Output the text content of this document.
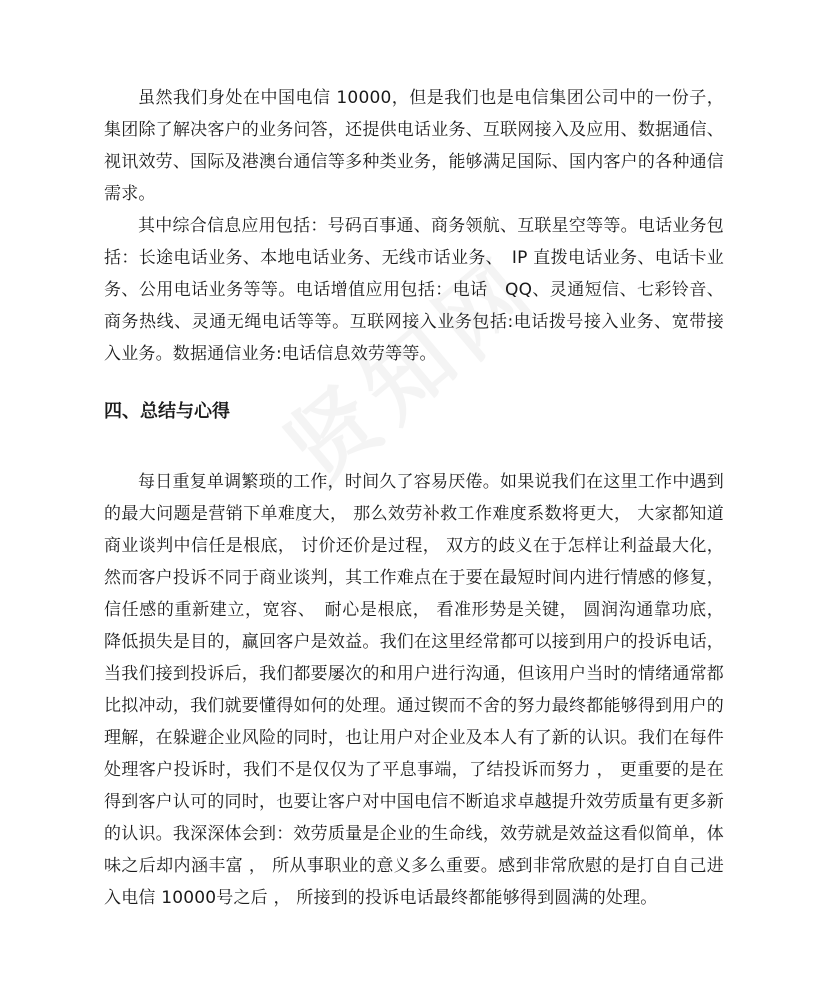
虽然我们身处在中国电信 10000，但是我们也是电信集团公司中的一份子，集团除了解决客户的业务问答，还提供电话业务、互联网接入及应用、数据通信、视讯效劳、国际及港澳台通信等多种类业务，能够满足国际、国内客户的各种通信需求。

其中综合信息应用包括：号码百事通、商务领航、互联星空等等。电话业务包括：长途电话业务、本地电话业务、无线市话业务、　IP 直拨电话业务、电话卡业务、公用电话业务等等。电话增值应用包括：电话　QQ、灵通短信、七彩铃音、商务热线、灵通无绳电话等等。互联网接入业务包括:电话拨号接入业务、宽带接入业务。数据通信业务:电话信息效劳等等。

四、总结与心得

每日重复单调繁琐的工作，时间久了容易厌倦。如果说我们在这里工作中遇到的最大问题是营销下单难度大， 那么效劳补救工作难度系数将更大， 大家都知道商业谈判中信任是根底， 讨价还价是过程， 双方的歧义在于怎样让利益最大化，然而客户投诉不同于商业谈判，其工作难点在于要在最短时间内进行情感的修复，信任感的重新建立，宽容、　耐心是根底， 看准形势是关键， 圆润沟通靠功底， 降低损失是目的，赢回客户是效益。我们在这里经常都可以接到用户的投诉电话，当我们接到投诉后，我们都要屡次的和用户进行沟通，但该用户当时的情绪通常都比拟冲动，我们就要懂得如何的处理。通过锲而不舍的努力最终都能够得到用户的理解，在躲避企业风险的同时，也让用户对企业及本人有了新的认识。我们在每件处理客户投诉时，我们不是仅仅为了平息事端，了结投诉而努力 ， 更重要的是在得到客户认可的同时，也要让客户对中国电信不断追求卓越提升效劳质量有更多新的认识。我深深体会到：效劳质量是企业的生命线，效劳就是效益这看似简单，体味之后却内涵丰富 ， 所从事职业的意义多么重要。感到非常欣慰的是打自自己进入电信 10000号之后 ， 所接到的投诉电话最终都能够得到圆满的处理。
